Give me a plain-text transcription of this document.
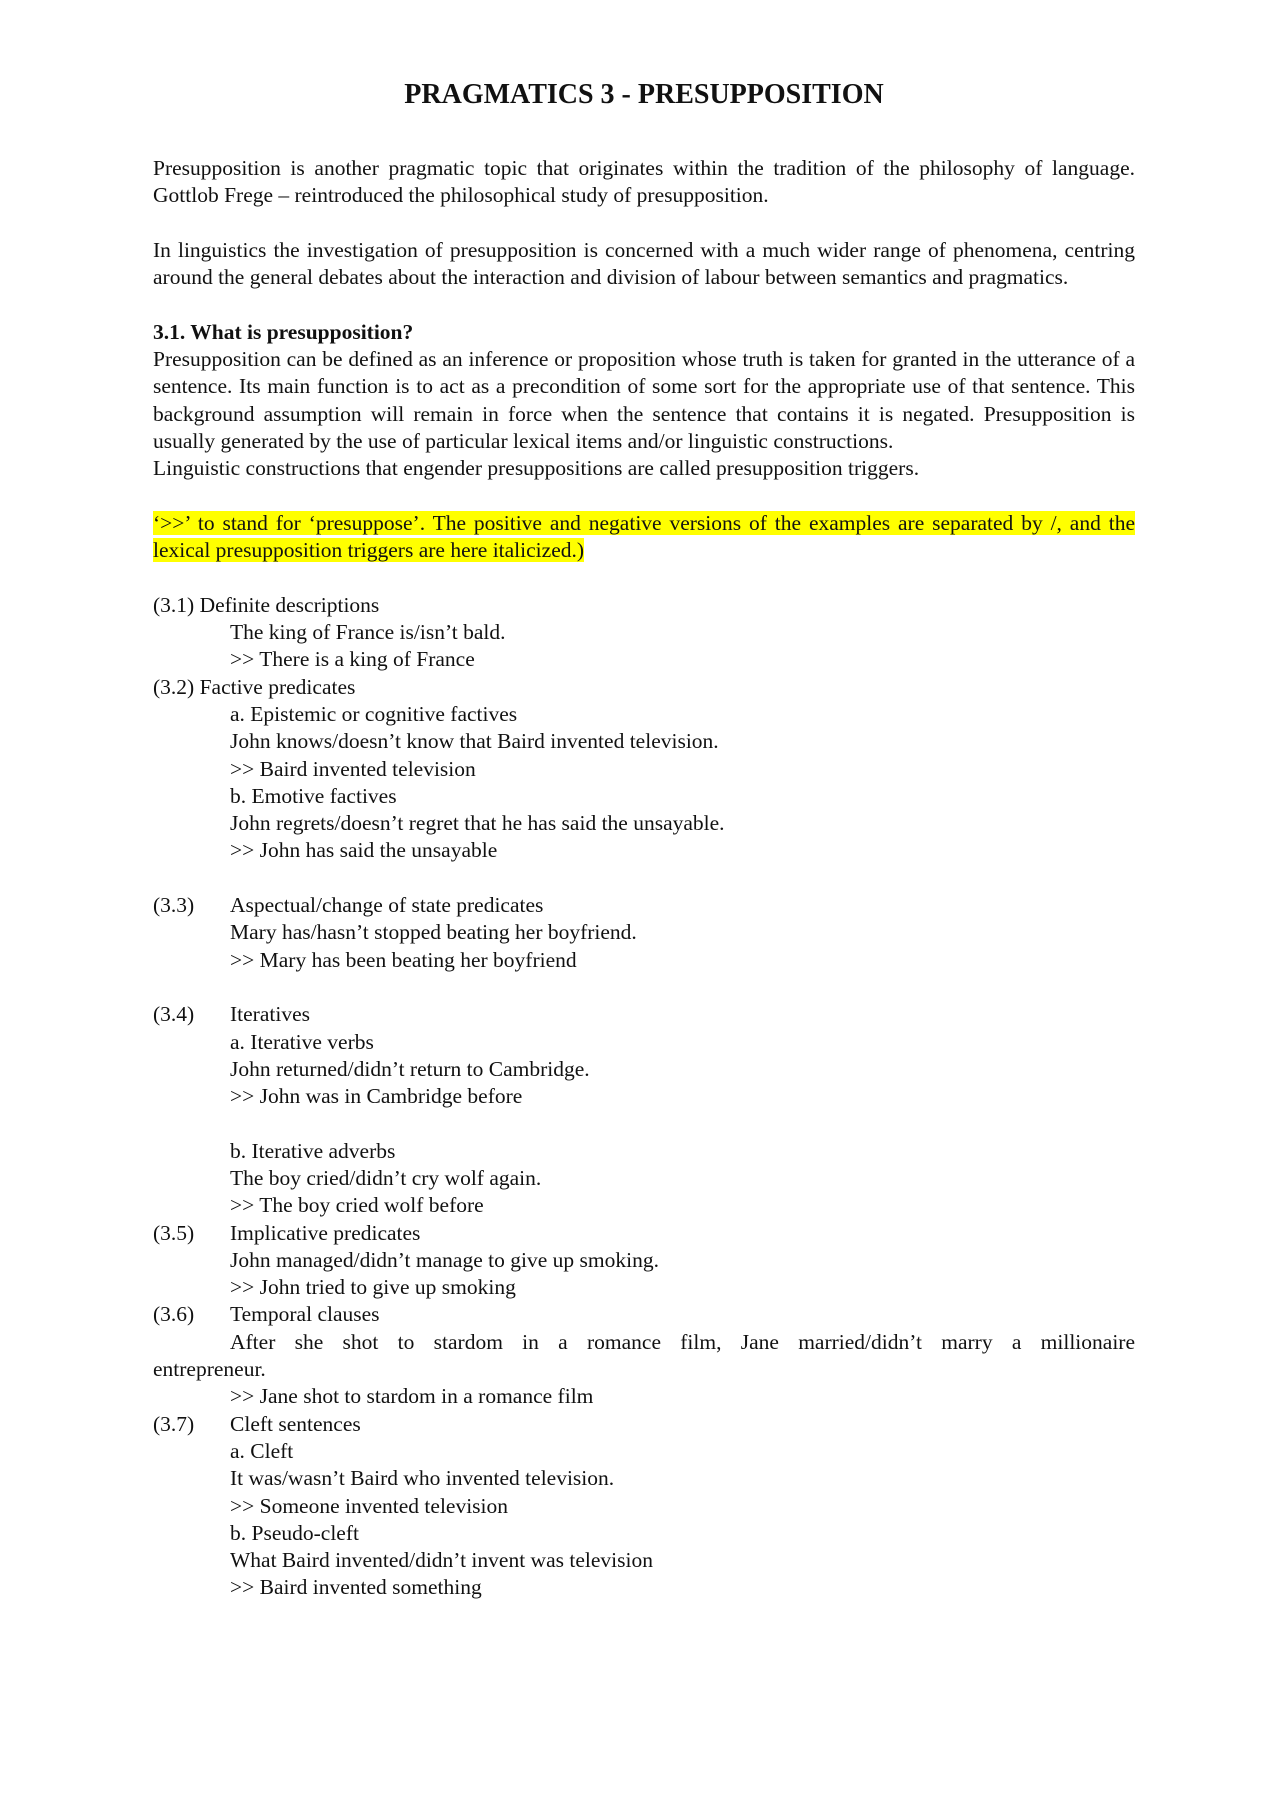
PRAGMATICS 3 - PRESUPPOSITION

Presupposition is another pragmatic topic that originates within the tradition of the philosophy of language. Gottlob Frege – reintroduced the philosophical study of presupposition.

In linguistics the investigation of presupposition is concerned with a much wider range of phenomena, centring around the general debates about the interaction and division of labour between semantics and pragmatics.

3.1. What is presupposition?

Presupposition can be defined as an inference or proposition whose truth is taken for granted in the utterance of a sentence. Its main function is to act as a precondition of some sort for the appropriate use of that sentence. This background assumption will remain in force when the sentence that contains it is negated. Presupposition is usually generated by the use of particular lexical items and/or linguistic constructions.

Linguistic constructions that engender presuppositions are called presupposition triggers.

‘>>’ to stand for ‘presuppose’. The positive and negative versions of the examples are separated by /, and the lexical presupposition triggers are here italicized.)

(3.1) Definite descriptions

The king of France is/isn’t bald.

>> There is a king of France

(3.2) Factive predicates

a. Epistemic or cognitive factives

John knows/doesn’t know that Baird invented television.

>> Baird invented television

b. Emotive factives

John regrets/doesn’t regret that he has said the unsayable.

>> John has said the unsayable

(3.3)	Aspectual/change of state predicates

Mary has/hasn’t stopped beating her boyfriend.

>> Mary has been beating her boyfriend

(3.4)	Iteratives

a. Iterative verbs

John returned/didn’t return to Cambridge.

>> John was in Cambridge before

b. Iterative adverbs

The boy cried/didn’t cry wolf again.

>> The boy cried wolf before

(3.5)	Implicative predicates

John managed/didn’t manage to give up smoking.

>> John tried to give up smoking

(3.6)	Temporal clauses

After she shot to stardom in a romance film, Jane married/didn’t marry a millionaire

entrepreneur.

>> Jane shot to stardom in a romance film

(3.7)	Cleft sentences

a. Cleft

It was/wasn’t Baird who invented television.

>> Someone invented television

b. Pseudo-cleft

What Baird invented/didn’t invent was television

>> Baird invented something
